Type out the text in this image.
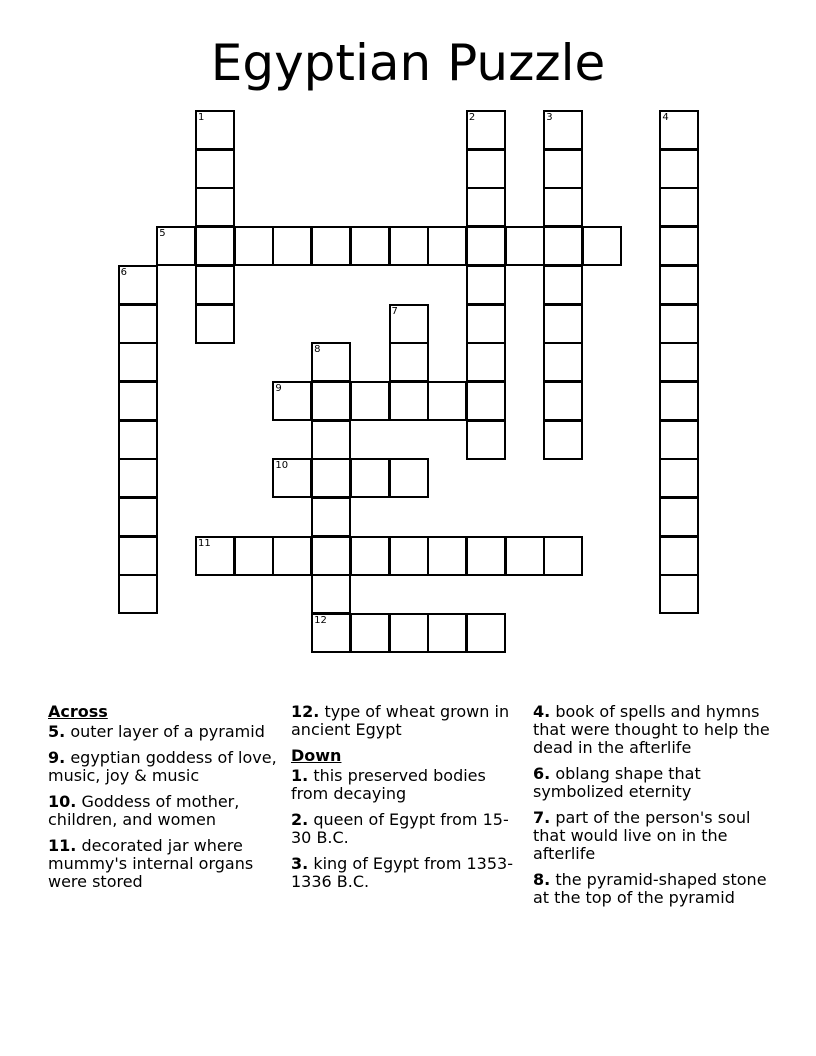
Egyptian Puzzle
5
9
10
11
12
1	2	3	4
6
7
8
Across
5. outer layer of a pyramid
9. egyptian goddess of love, music, joy & music
10. Goddess of mother, children, and women
11. decorated jar where mummy's internal organs were stored
12. type of wheat grown in ancient Egypt
Down
1. this preserved bodies from decaying
2. queen of Egypt from 15-30 B.C.
3. king of Egypt from 1353-1336 B.C.
4. book of spells and hymns that were thought to help the dead in the afterlife
6. oblang shape that symbolized eternity
7. part of the person's soul that would live on in the afterlife
8. the pyramid-shaped stone at the top of the pyramid
